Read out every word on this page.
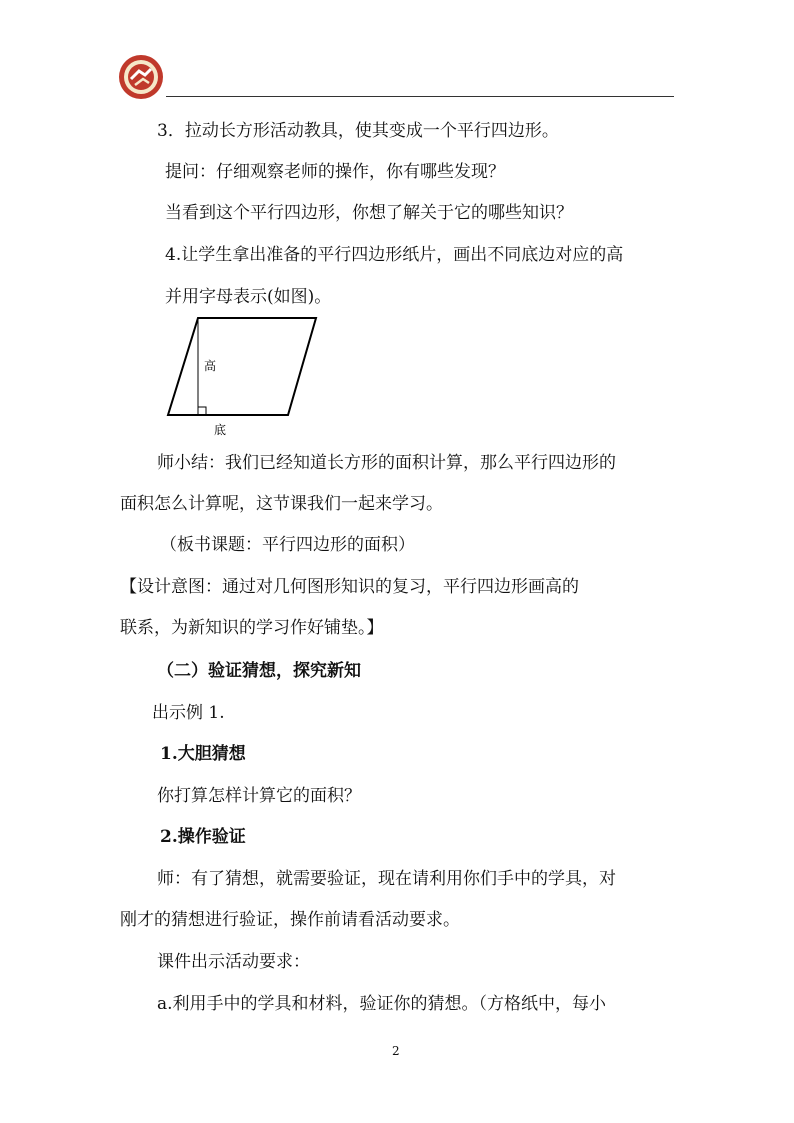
3．拉动长方形活动教具，使其变成一个平行四边形。
提问：仔细观察老师的操作，你有哪些发现？
当看到这个平行四边形，你想了解关于它的哪些知识？
4.让学生拿出准备的平行四边形纸片，画出不同底边对应的高
并用字母表示(如图)。
高
底
师小结：我们已经知道长方形的面积计算，那么平行四边形的
面积怎么计算呢，这节课我们一起来学习。
（板书课题：平行四边形的面积）
【设计意图：通过对几何图形知识的复习，平行四边形画高的
联系，为新知识的学习作好铺垫。】
（二）验证猜想，探究新知
出示例 1.
1.大胆猜想
你打算怎样计算它的面积？
2.操作验证
师：有了猜想，就需要验证，现在请利用你们手中的学具，对
刚才的猜想进行验证，操作前请看活动要求。
课件出示活动要求：
a.利用手中的学具和材料，验证你的猜想。（方格纸中，每小
2
